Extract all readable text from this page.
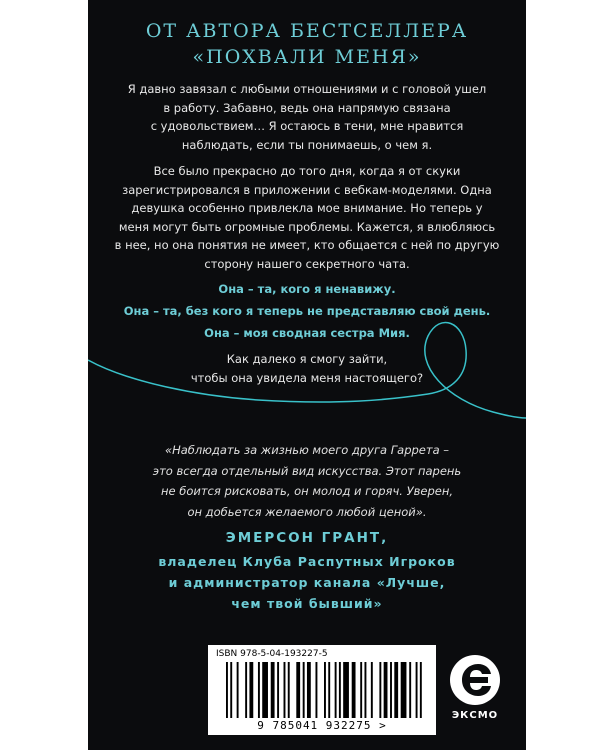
ОТ АВТОРА БЕСТСЕЛЛЕРА
«ПОХВАЛИ МЕНЯ»
Я давно завязал с любыми отношениями и с головой ушел
в работу. Забавно, ведь она напрямую связана
с удовольствием… Я остаюсь в тени, мне нравится
наблюдать, если ты понимаешь, о чем я.
Все было прекрасно до того дня, когда я от скуки
зарегистрировался в приложении с вебкам-моделями. Одна
девушка особенно привлекла мое внимание. Но теперь у
меня могут быть огромные проблемы. Кажется, я влюбляюсь
в нее, но она понятия не имеет, кто общается с ней по другую
сторону нашего секретного чата.
Она – та, кого я ненавижу.
Она – та, без кого я теперь не представляю свой день.
Она – моя сводная сестра Мия.
Как далеко я смогу зайти,
чтобы она увидела меня настоящего?
«Наблюдать за жизнью моего друга Гаррета –
это всегда отдельный вид искусства. Этот парень
не боится рисковать, он молод и горяч. Уверен,
он добьется желаемого любой ценой».
ЭМЕРСОН ГРАНТ,
владелец Клуба Распутных Игроков
и администратор канала «Лучше,
чем твой бывший»
ISBN 978-5-04-193227-5
9 785041 932275 >
ЭКСМО
